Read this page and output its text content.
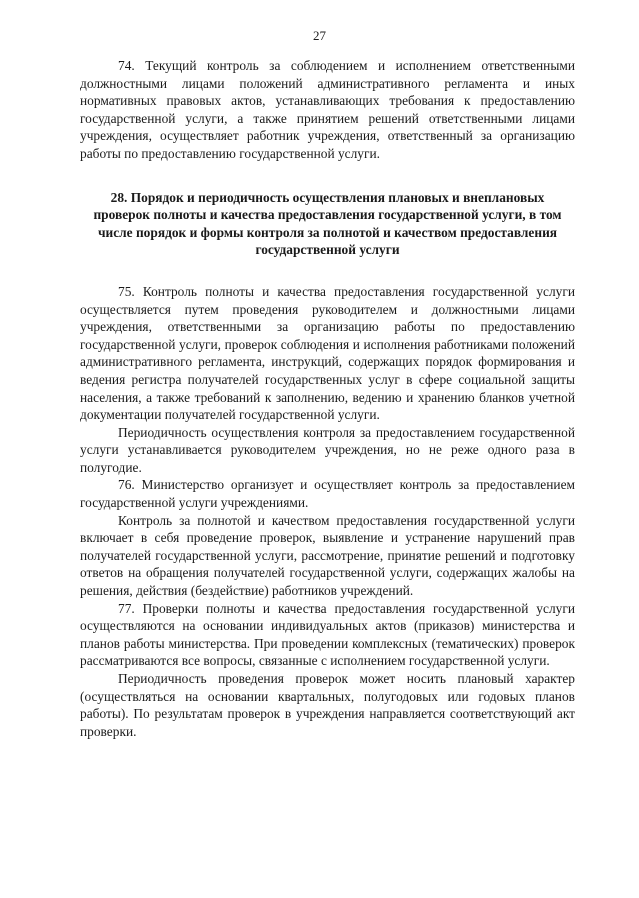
27

74. Текущий контроль за соблюдением и исполнением ответственными должностными лицами положений административного регламента и иных нормативных правовых актов, устанавливающих требования к предоставлению государственной услуги, а также принятием решений ответственными лицами учреждения, осуществляет работник учреждения, ответственный за организацию работы по предоставлению государственной услуги.

28. Порядок и периодичность осуществления плановых и внеплановых проверок полноты и качества предоставления государственной услуги, в том числе порядок и формы контроля за полнотой и качеством предоставления государственной услуги

75. Контроль полноты и качества предоставления государственной услуги осуществляется путем проведения руководителем и должностными лицами учреждения, ответственными за организацию работы по предоставлению государственной услуги, проверок соблюдения и исполнения работниками положений административного регламента, инструкций, содержащих порядок формирования и ведения регистра получателей государственных услуг в сфере социальной защиты населения, а также требований к заполнению, ведению и хранению бланков учетной документации получателей государственной услуги.

Периодичность осуществления контроля за предоставлением государственной услуги устанавливается руководителем учреждения, но не реже одного раза в полугодие.

76. Министерство организует и осуществляет контроль за предоставлением государственной услуги учреждениями.

Контроль за полнотой и качеством предоставления государственной услуги включает в себя проведение проверок, выявление и устранение нарушений прав получателей государственной услуги, рассмотрение, принятие решений и подготовку ответов на обращения получателей государственной услуги, содержащих жалобы на решения, действия (бездействие) работников учреждений.

77. Проверки полноты и качества предоставления государственной услуги осуществляются на основании индивидуальных актов (приказов) министерства и планов работы министерства. При проведении комплексных (тематических) проверок рассматриваются все вопросы, связанные с исполнением государственной услуги.

Периодичность проведения проверок может носить плановый характер (осуществляться на основании квартальных, полугодовых или годовых планов работы). По результатам проверок в учреждения направляется соответствующий акт проверки.
